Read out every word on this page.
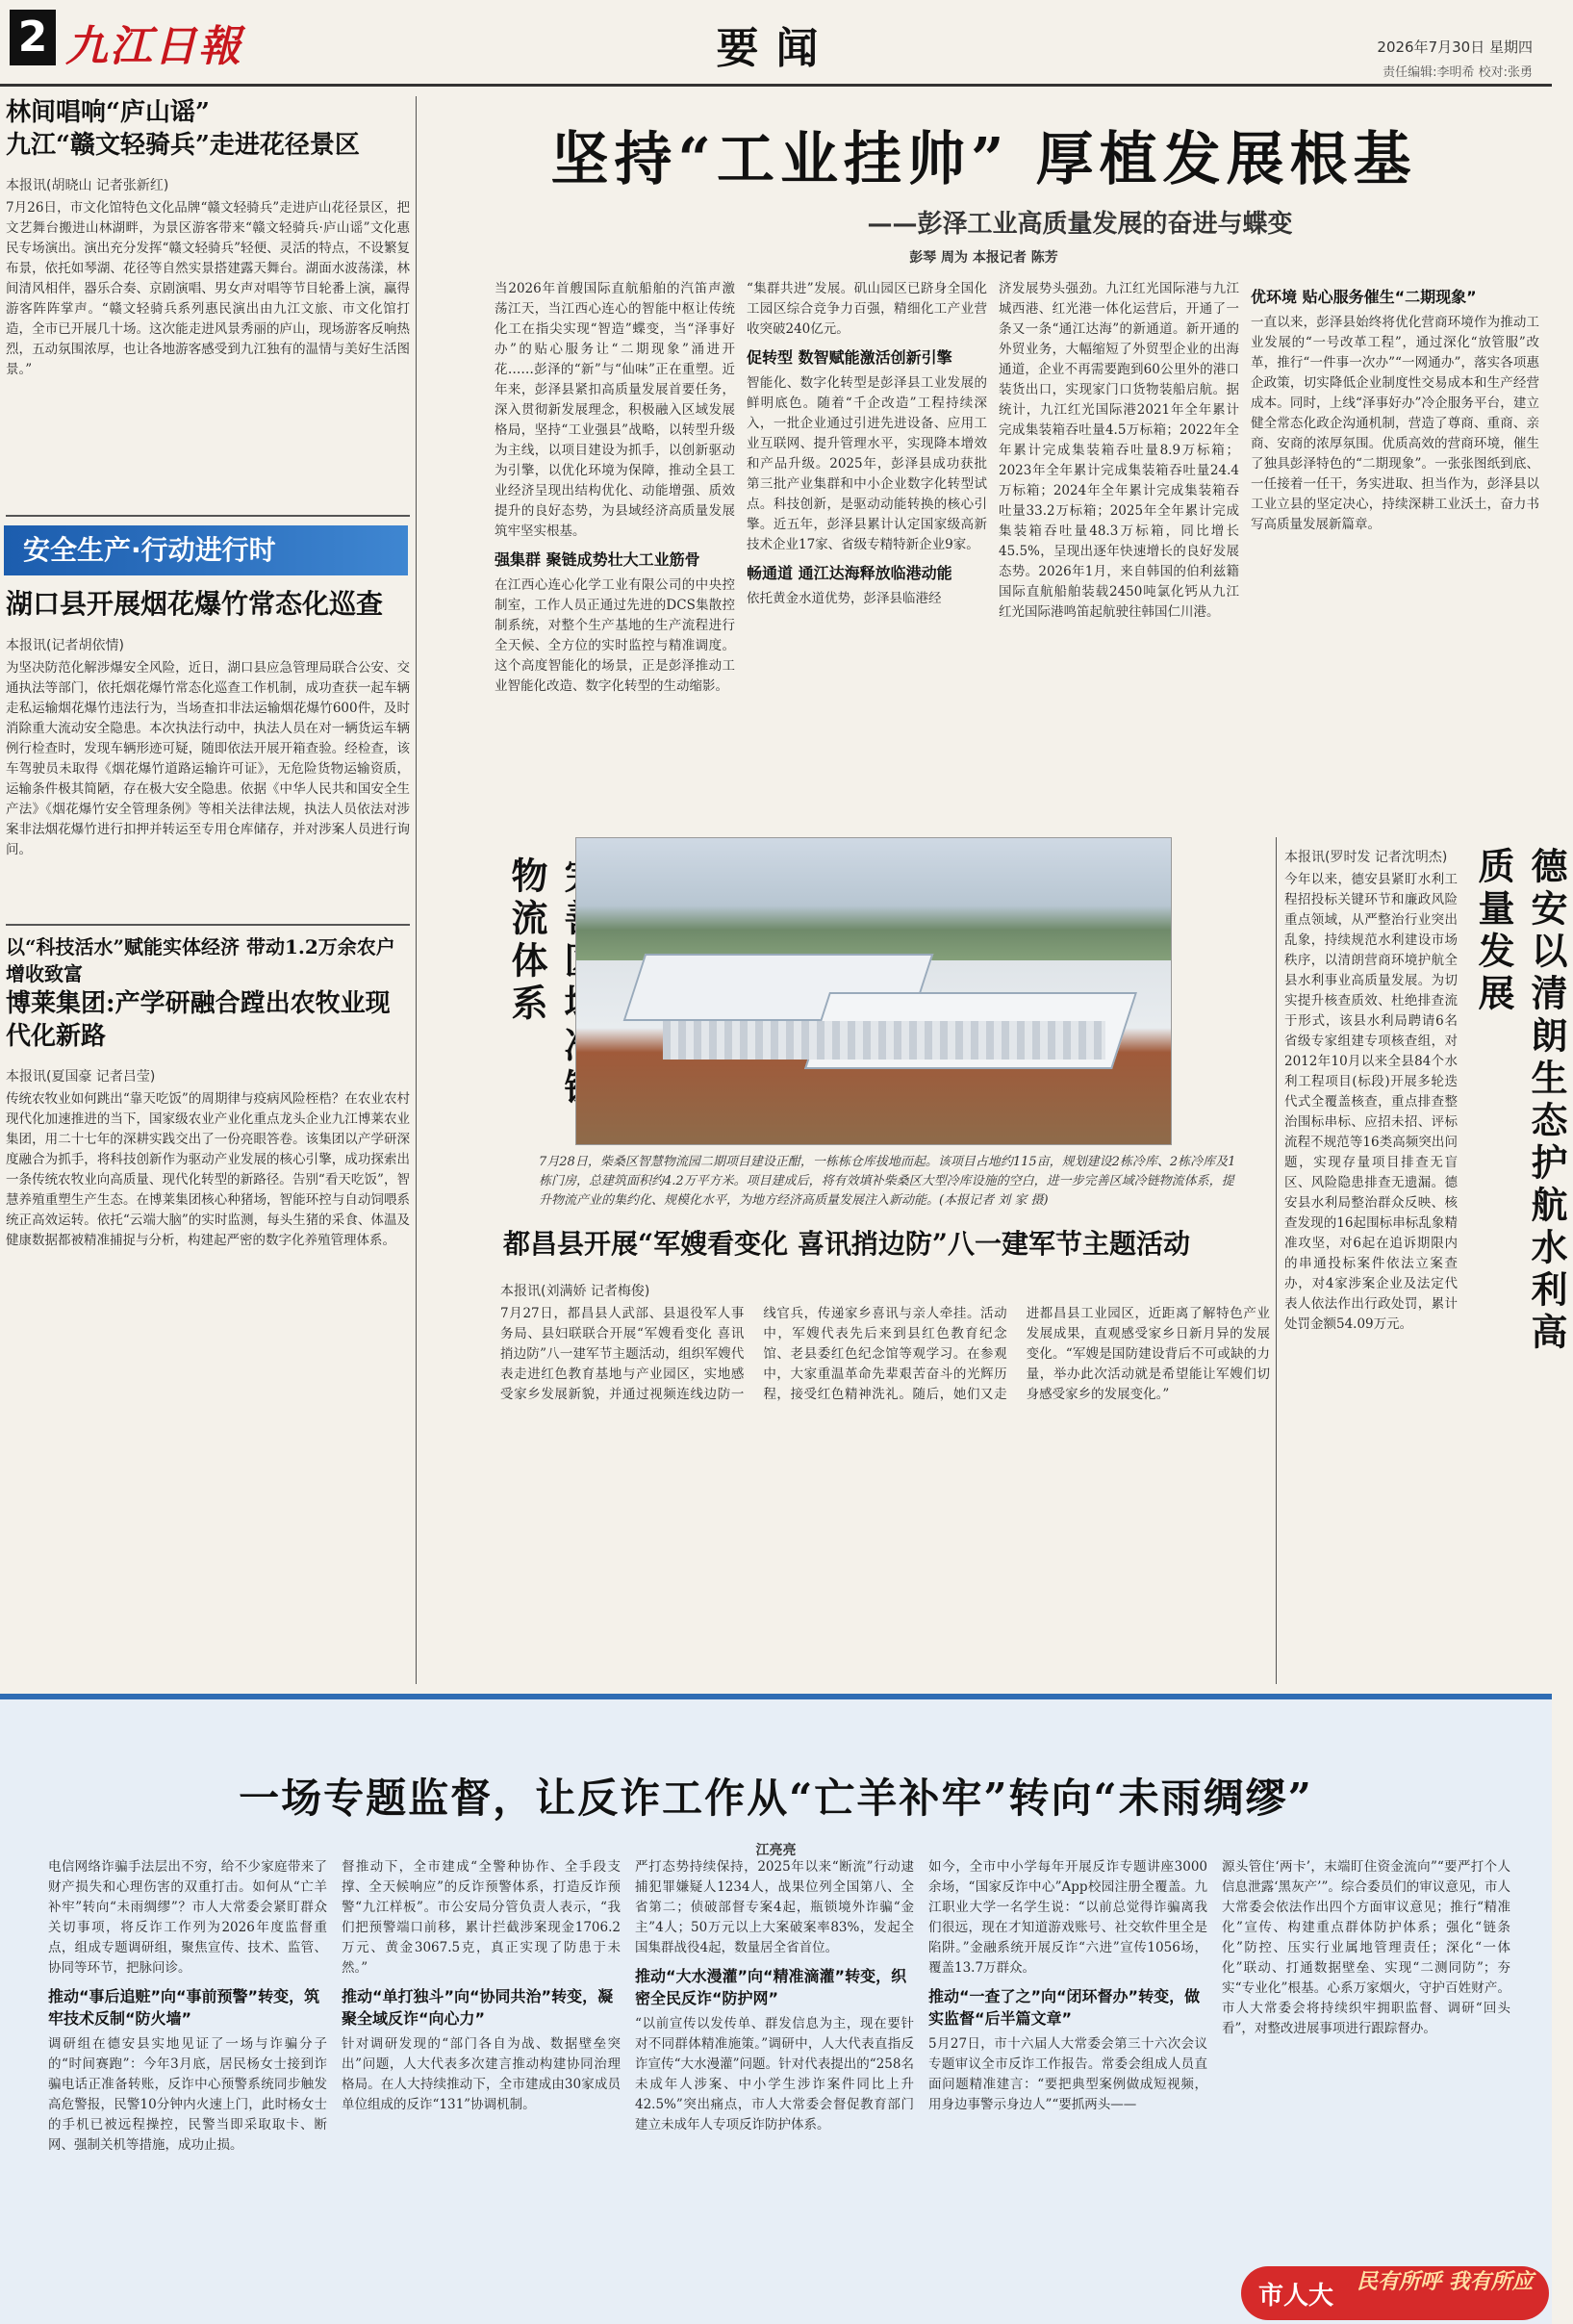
2 九江日報	要闻	2026年7月30日 星期四
责任编辑:李明希 校对:张勇
林间唱响“庐山谣”
九江“赣文轻骑兵”走进花径景区
本报讯(胡晓山 记者张新红)
7月26日，市文化馆特色文化品牌“赣文轻骑兵”走进庐山花径景区，把文艺舞台搬进山林湖畔，为景区游客带来“赣文轻骑兵·庐山谣”文化惠民专场演出。演出充分发挥“赣文轻骑兵”轻便、灵活的特点，不设繁复布景，依托如琴湖、花径等自然实景搭建露天舞台。湖面水波荡漾，林间清风相伴，器乐合奏、京剧演唱、男女声对唱等节目轮番上演，赢得游客阵阵掌声。“赣文轻骑兵系列惠民演出由九江文旅、市文化馆打造，全市已开展几十场。这次能走进风景秀丽的庐山，现场游客反响热烈，五动氛围浓厚，也让各地游客感受到九江独有的温情与美好生活图景。”
安全生产·行动进行时
湖口县开展烟花爆竹常态化巡查
本报讯(记者胡依情)
为坚决防范化解涉爆安全风险，近日，湖口县应急管理局联合公安、交通执法等部门，依托烟花爆竹常态化巡查工作机制，成功查获一起车辆走私运输烟花爆竹违法行为，当场查扣非法运输烟花爆竹600件，及时消除重大流动安全隐患。本次执法行动中，执法人员在对一辆货运车辆例行检查时，发现车辆形迹可疑，随即依法开展开箱查验。经检查，该车驾驶员未取得《烟花爆竹道路运输许可证》，无危险货物运输资质，运输条件极其简陋，存在极大安全隐患。依据《中华人民共和国安全生产法》《烟花爆竹安全管理条例》等相关法律法规，执法人员依法对涉案非法烟花爆竹进行扣押并转运至专用仓库储存，并对涉案人员进行询问。
以“科技活水”赋能实体经济 带动1.2万余农户增收致富
博莱集团:产学研融合蹚出农牧业现代化新路
本报讯(夏国豪 记者吕莹)
传统农牧业如何跳出“靠天吃饭”的周期律与疫病风险桎梏？在农业农村现代化加速推进的当下，国家级农业产业化重点龙头企业九江博莱农业集团，用二十七年的深耕实践交出了一份亮眼答卷。该集团以产学研深度融合为抓手，将科技创新作为驱动产业发展的核心引擎，成功探索出一条传统农牧业向高质量、现代化转型的新路径。告别“看天吃饭”，智慧养殖重塑生产生态。在博莱集团核心种猪场，智能环控与自动饲喂系统正高效运转。依托“云端大脑”的实时监测，每头生猪的采食、体温及健康数据都被精准捕捉与分析，构建起严密的数字化养殖管理体系。
坚持“工业挂帅” 厚植发展根基
——彭泽工业高质量发展的奋进与蝶变
彭琴 周为 本报记者 陈芳
当2026年首艘国际直航船舶的汽笛声激荡江天，当江西心连心的智能中枢让传统化工在指尖实现“智造”蝶变，当“泽事好办”的贴心服务让“二期现象”涌进开花……彭泽的“新”与“仙味”正在重塑。近年来，彭泽县紧扣高质量发展首要任务，深入贯彻新发展理念，积极融入区域发展格局，坚持“工业强县”战略，以转型升级为主线，以项目建设为抓手，以创新驱动为引擎，以优化环境为保障，推动全县工业经济呈现出结构优化、动能增强、质效提升的良好态势，为县域经济高质量发展筑牢坚实根基。
强集群 聚链成势壮大工业筋骨
在江西心连心化学工业有限公司的中央控制室，工作人员正通过先进的DCS集散控制系统，对整个生产基地的生产流程进行全天候、全方位的实时监控与精准调度。这个高度智能化的场景，正是彭泽推动工业智能化改造、数字化转型的生动缩影。
“集群共进”发展。矶山园区已跻身全国化工园区综合竞争力百强，精细化工产业营收突破240亿元。
促转型 数智赋能激活创新引擎
智能化、数字化转型是彭泽县工业发展的鲜明底色。随着“千企改造”工程持续深入，一批企业通过引进先进设备、应用工业互联网、提升管理水平，实现降本增效和产品升级。2025年，彭泽县成功获批第三批产业集群和中小企业数字化转型试点。科技创新，是驱动动能转换的核心引擎。近五年，彭泽县累计认定国家级高新技术企业17家、省级专精特新企业9家。
畅通道 通江达海释放临港动能
依托黄金水道优势，彭泽县临港经
济发展势头强劲。九江红光国际港与九江城西港、红光港一体化运营后，开通了一条又一条“通江达海”的新通道。新开通的外贸业务，大幅缩短了外贸型企业的出海通道，企业不再需要跑到60公里外的港口装货出口，实现家门口货物装船启航。据统计，九江红光国际港2021年全年累计完成集装箱吞吐量4.5万标箱；2022年全年累计完成集装箱吞吐量8.9万标箱；2023年全年累计完成集装箱吞吐量24.4万标箱；2024年全年累计完成集装箱吞吐量33.2万标箱；2025年全年累计完成集装箱吞吐量48.3万标箱，同比增长45.5%，呈现出逐年快速增长的良好发展态势。2026年1月，来自韩国的伯利兹籍国际直航船舶装载2450吨氯化钙从九江红光国际港鸣笛起航驶往韩国仁川港。
优环境 贴心服务催生“二期现象”
一直以来，彭泽县始终将优化营商环境作为推动工业发展的“一号改革工程”，通过深化“放管服”改革，推行“一件事一次办”“一网通办”，落实各项惠企政策，切实降低企业制度性交易成本和生产经营成本。同时，上线“泽事好办”冷企服务平台，建立健全常态化政企沟通机制，营造了尊商、重商、亲商、安商的浓厚氛围。优质高效的营商环境，催生了独具彭泽特色的“二期现象”。一张张图纸到底、一任接着一任干，务实进取、担当作为，彭泽县以工业立县的坚定决心，持续深耕工业沃土，奋力书写高质量发展新篇章。
物流体系
7月28日，柴桑区智慧物流园二期项目建设正酣，一栋栋仓库拔地而起。该项目占地约115亩，规划建设2栋冷库、2栋冷库及1栋门房，总建筑面积约4.2万平方米。项目建成后，将有效填补柴桑区大型冷库设施的空白，进一步完善区域冷链物流体系，提升物流产业的集约化、规模化水平，为地方经济高质量发展注入新动能。(本报记者 刘 家 摄)
都昌县开展“军嫂看变化 喜讯捎边防”八一建军节主题活动
本报讯(刘满娇 记者梅俊)
7月27日，都昌县人武部、县退役军人事务局、县妇联联合开展“军嫂看变化 喜讯捎边防”八一建军节主题活动，组织军嫂代表走进红色教育基地与产业园区，实地感受家乡发展新貌，并通过视频连线边防一线官兵，传递家乡喜讯与亲人牵挂。活动中，军嫂代表先后来到县红色教育纪念馆、老县委红色纪念馆等观学习。在参观中，大家重温革命先辈艰苦奋斗的光辉历程，接受红色精神洗礼。随后，她们又走进都昌县工业园区，近距离了解特色产业发展成果，直观感受家乡日新月异的发展变化。“军嫂是国防建设背后不可或缺的力量，举办此次活动就是希望能让军嫂们切身感受家乡的发展变化。”
本报讯(罗时发 记者沈明杰)
今年以来，德安县紧盯水利工程招投标关键环节和廉政风险重点领域，从严整治行业突出乱象，持续规范水利建设市场秩序，以清朗营商环境护航全县水利事业高质量发展。为切实提升核查质效、杜绝排查流于形式，该县水利局聘请6名省级专家组建专项核查组，对2012年10月以来全县84个水利工程项目(标段)开展多轮迭代式全覆盖核查，重点排查整治围标串标、应招未招、评标流程不规范等16类高频突出问题，实现存量项目排查无盲区、风险隐患排查无遗漏。德安县水利局整治群众反映、核查发现的16起围标串标乱象精准攻坚，对6起在追诉期限内的串通投标案件依法立案查办，对4家涉案企业及法定代表人依法作出行政处罚，累计处罚金额54.09万元。	德安以清朗生态护航水利高质量发展
一场专题监督，让反诈工作从“亡羊补牢”转向“未雨绸缪”
江亮亮
电信网络诈骗手法层出不穷，给不少家庭带来了财产损失和心理伤害的双重打击。如何从“亡羊补牢”转向“未雨绸缪”？市人大常委会紧盯群众关切事项，将反诈工作列为2026年度监督重点，组成专题调研组，聚焦宣传、技术、监管、协同等环节，把脉问诊。
推动“事后追赃”向“事前预警”转变，筑牢技术反制“防火墙”
调研组在德安县实地见证了一场与诈骗分子的“时间赛跑”：今年3月底，居民杨女士接到诈骗电话正准备转账，反诈中心预警系统同步触发高危警报，民警10分钟内火速上门，此时杨女士的手机已被远程操控，民警当即采取取卡、断网、强制关机等措施，成功止损。
督推动下，全市建成“全警种协作、全手段支撑、全天候响应”的反诈预警体系，打造反诈预警“九江样板”。市公安局分管负责人表示，“我们把预警端口前移，累计拦截涉案现金1706.2万元、黄金3067.5克，真正实现了防患于未然。”
推动“单打独斗”向“协同共治”转变，凝聚全域反诈“向心力”
针对调研发现的“部门各自为战、数据壁垒突出”问题，人大代表多次建言推动构建协同治理格局。在人大持续推动下，全市建成由30家成员单位组成的反诈“131”协调机制。
严打态势持续保持，2025年以来“断流”行动逮捕犯罪嫌疑人1234人，战果位列全国第八、全省第二；侦破部督专案4起，瓶锁境外诈骗“金主”4人；50万元以上大案破案率83%，发起全国集群战役4起，数量居全省首位。
推动“大水漫灌”向“精准滴灌”转变，织密全民反诈“防护网”
“以前宣传以发传单、群发信息为主，现在要针对不同群体精准施策。”调研中，人大代表直指反诈宣传“大水漫灌”问题。针对代表提出的“258名未成年人涉案、中小学生涉诈案件同比上升42.5%”突出痛点，市人大常委会督促教育部门建立未成年人专项反诈防护体系。
如今，全市中小学每年开展反诈专题讲座3000余场，“国家反诈中心”App校园注册全覆盖。九江职业大学一名学生说：“以前总觉得诈骗离我们很远，现在才知道游戏账号、社交软件里全是陷阱。”金融系统开展反诈“六进”宣传1056场，覆盖13.7万群众。
推动“一查了之”向“闭环督办”转变，做实监督“后半篇文章”
5月27日，市十六届人大常委会第三十六次会议专题审议全市反诈工作报告。常委会组成人员直面问题精准建言：“要把典型案例做成短视频，用身边事警示身边人”“要抓两头——
源头管住‘两卡’，末端盯住资金流向”“要严打个人信息泄露‘黑灰产’”。综合委员们的审议意见，市人大常委会依法作出四个方面审议意见；推行“精准化”宣传、构建重点群体防护体系；强化“链条化”防控、压实行业属地管理责任；深化“一体化”联动、打通数据壁垒、实现“二测同防”；夯实“专业化”根基。心系万家烟火，守护百姓财产。市人大常委会将持续织牢拥职监督、调研“回头看”，对整改进展事项进行跟踪督办。
市人大 民有所呼 我有所应
